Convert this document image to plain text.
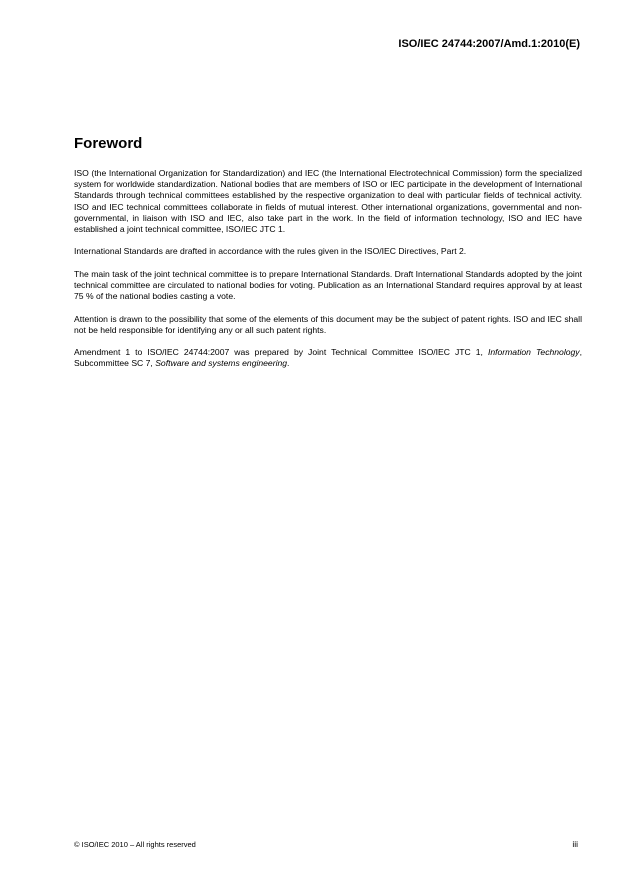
ISO/IEC 24744:2007/Amd.1:2010(E)
Foreword

ISO (the International Organization for Standardization) and IEC (the International Electrotechnical Commission) form the specialized system for worldwide standardization. National bodies that are members of ISO or IEC participate in the development of International Standards through technical committees established by the respective organization to deal with particular fields of technical activity. ISO and IEC technical committees collaborate in fields of mutual interest. Other international organizations, governmental and non-governmental, in liaison with ISO and IEC, also take part in the work. In the field of information technology, ISO and IEC have established a joint technical committee, ISO/IEC JTC 1.

International Standards are drafted in accordance with the rules given in the ISO/IEC Directives, Part 2.

The main task of the joint technical committee is to prepare International Standards. Draft International Standards adopted by the joint technical committee are circulated to national bodies for voting. Publication as an International Standard requires approval by at least 75 % of the national bodies casting a vote.

Attention is drawn to the possibility that some of the elements of this document may be the subject of patent rights. ISO and IEC shall not be held responsible for identifying any or all such patent rights.

Amendment 1 to ISO/IEC 24744:2007 was prepared by Joint Technical Committee ISO/IEC JTC 1, Information Technology, Subcommittee SC 7, Software and systems engineering.

© ISO/IEC 2010 – All rights reserved	iii
